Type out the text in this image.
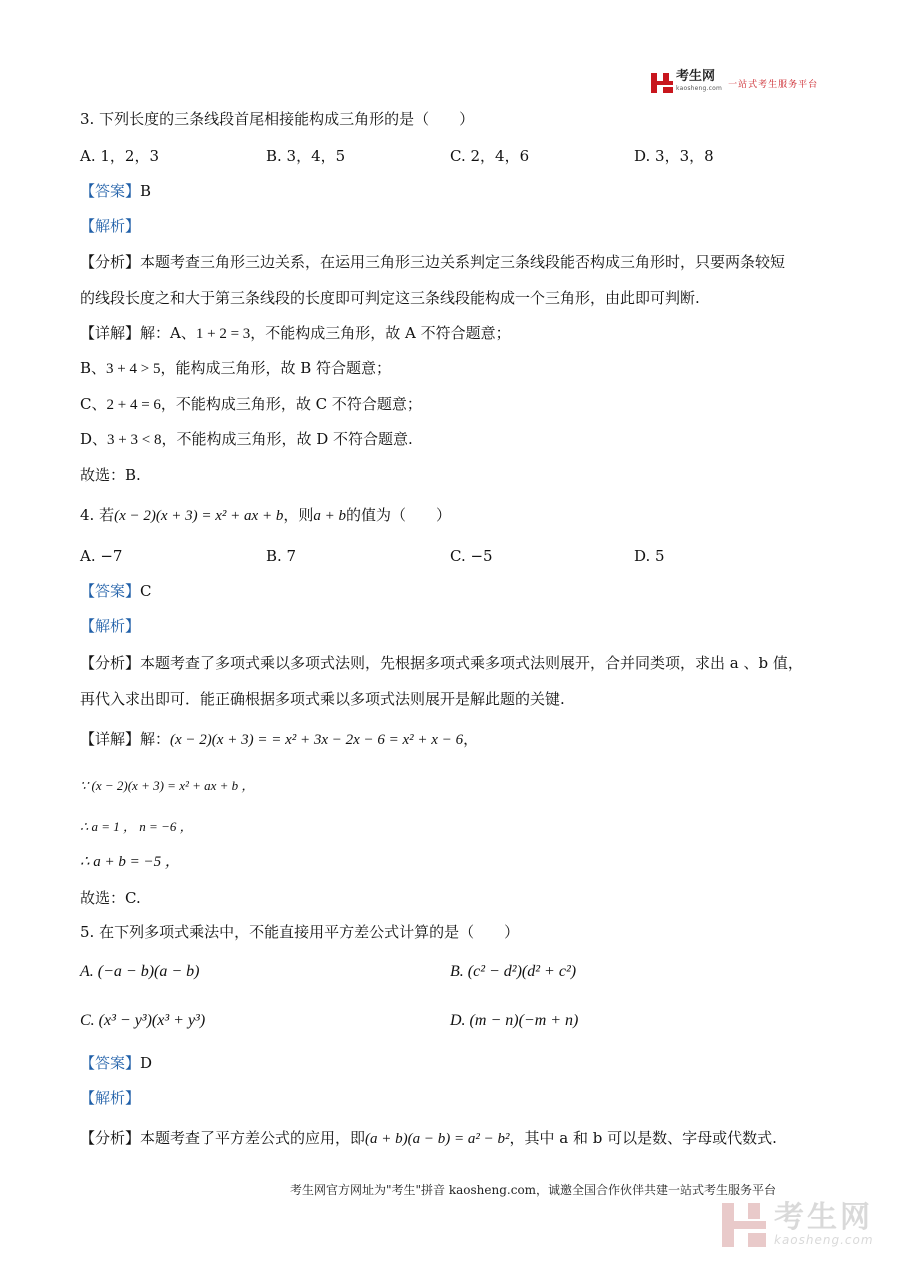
考生网
kaosheng.com 一站式考生服务平台
3. 下列长度的三条线段首尾相接能构成三角形的是（　　）
A. 1，2，3	B. 3，4，5	C. 2，4，6	D. 3，3，8
【答案】B
【解析】
【分析】本题考查三角形三边关系，在运用三角形三边关系判定三条线段能否构成三角形时，只要两条较短
的线段长度之和大于第三条线段的长度即可判定这三条线段能构成一个三角形，由此即可判断.
【详解】解：A、1 + 2 = 3，不能构成三角形，故 A 不符合题意；
B、3 + 4 > 5，能构成三角形，故 B 符合题意；
C、2 + 4 = 6，不能构成三角形，故 C 不符合题意；
D、3 + 3 < 8，不能构成三角形，故 D 不符合题意.
故选：B.
4. 若(x − 2)(x + 3) = x² + ax + b，则a + b的值为（　　）
A. −7	B. 7	C. −5	D. 5
【答案】C
【解析】
【分析】本题考查了多项式乘以多项式法则，先根据多项式乘多项式法则展开，合并同类项，求出 a 、b 值，
再代入求出即可．能正确根据多项式乘以多项式法则展开是解此题的关键.
【详解】解：(x − 2)(x + 3) = = x² + 3x − 2x − 6 = x² + x − 6，
∵ (x − 2)(x + 3) = x² + ax + b ，
∴ a = 1 ， n = −6 ，
∴ a + b = −5 ，
故选：C.
5. 在下列多项式乘法中，不能直接用平方差公式计算的是（　　）
A. (−a − b)(a − b)	B. (c² − d²)(d² + c²)
C. (x³ − y³)(x³ + y³)	D. (m − n)(−m + n)
【答案】D
【解析】
【分析】本题考查了平方差公式的应用，即(a + b)(a − b) = a² − b²，其中 a 和 b 可以是数、字母或代数式.
考生网官方网址为"考生"拼音 kaosheng.com，诚邀全国合作伙伴共建一站式考生服务平台
考生网
kaosheng.com
